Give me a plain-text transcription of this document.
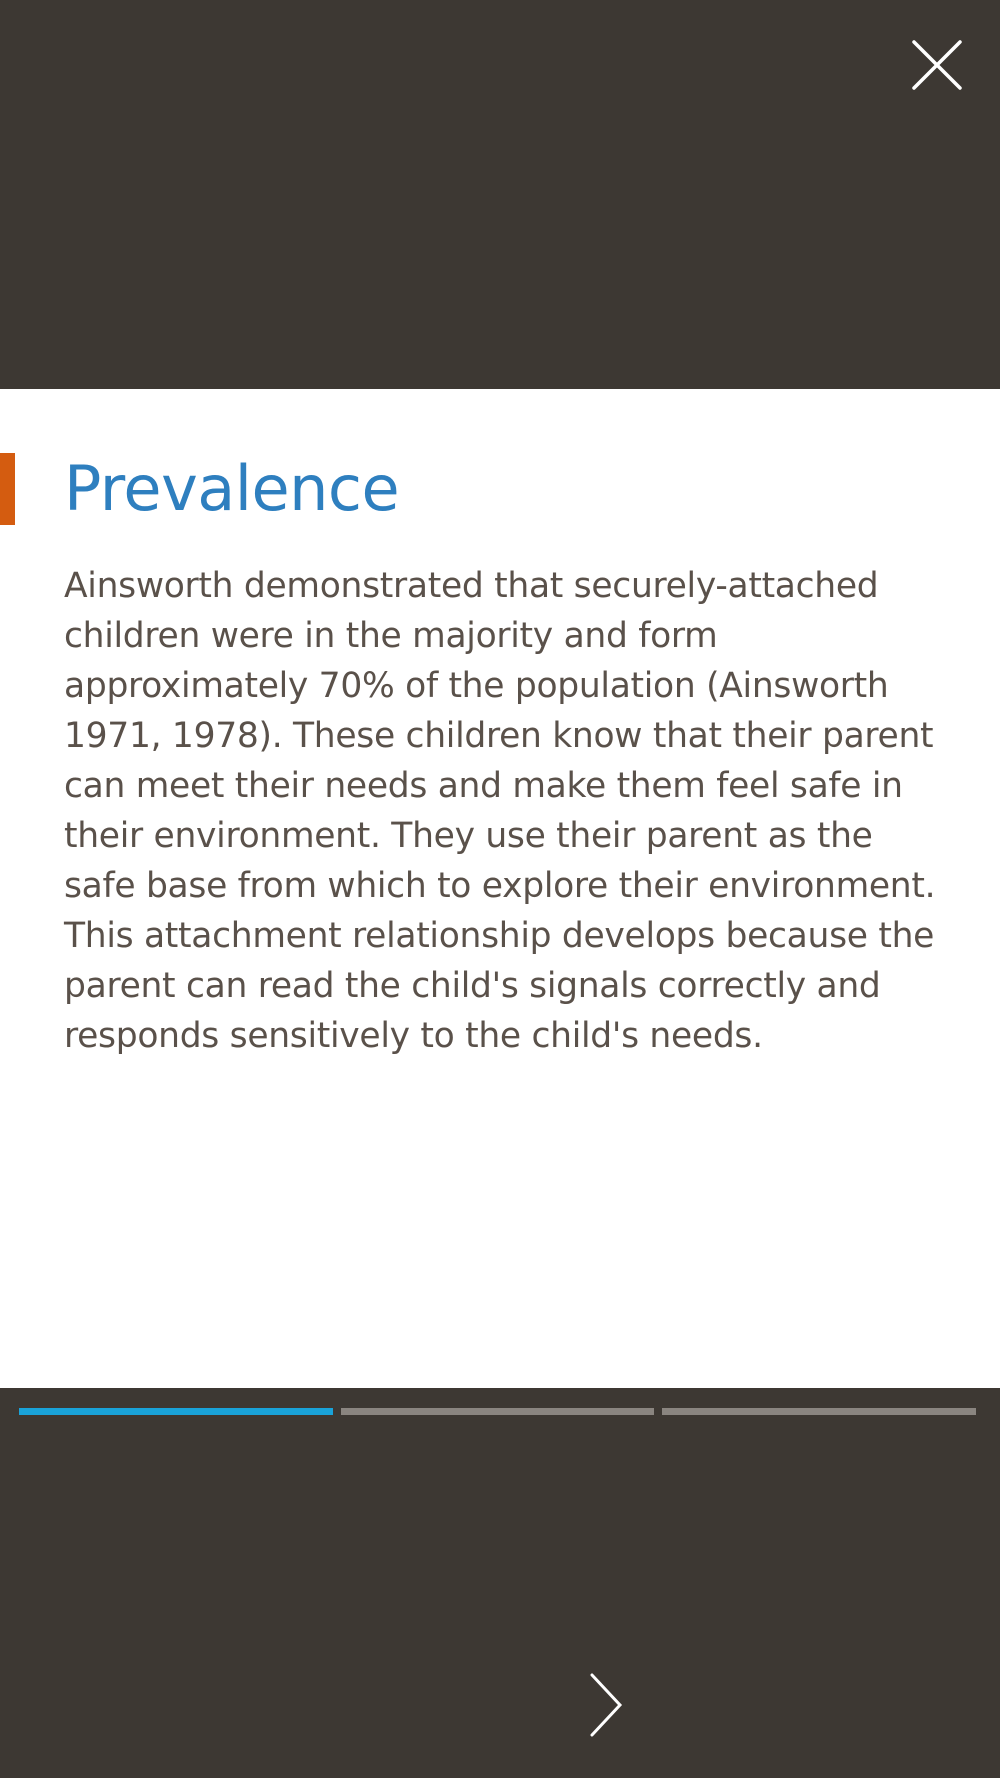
Prevalence

Ainsworth demonstrated that securely-attached children were in the majority and form approximately 70% of the population (Ainsworth 1971, 1978). These children know that their parent can meet their needs and make them feel safe in their environment. They use their parent as the safe base from which to explore their environment. This attachment relationship develops because the parent can read the child's signals correctly and responds sensitively to the child's needs.
